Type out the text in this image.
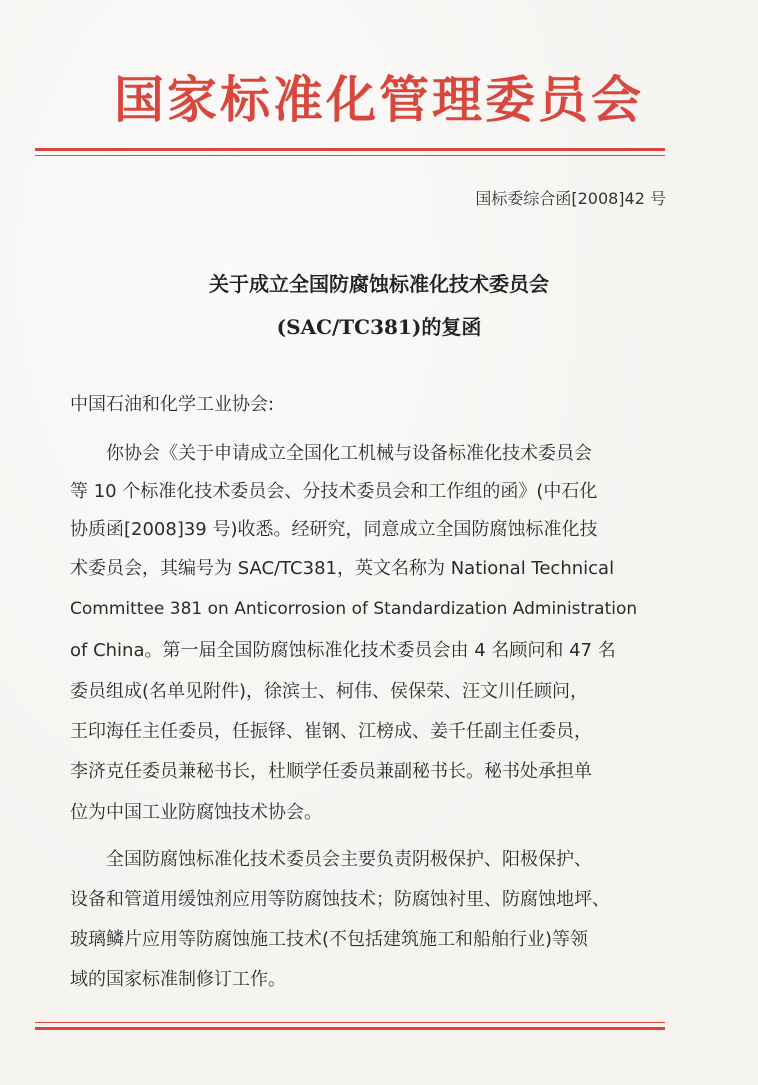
国家标准化管理委员会
国标委综合函[2008]42 号
关于成立全国防腐蚀标准化技术委员会
(SAC/TC381)的复函
中国石油和化学工业协会:
　　你协会《关于申请成立全国化工机械与设备标准化技术委员会
等 10 个标准化技术委员会、分技术委员会和工作组的函》(中石化
协质函[2008]39 号)收悉。经研究，同意成立全国防腐蚀标准化技
术委员会，其编号为 SAC/TC381，英文名称为 National Technical
Committee 381 on Anticorrosion of Standardization Administration
of China。第一届全国防腐蚀标准化技术委员会由 4 名顾问和 47 名
委员组成(名单见附件)，徐滨士、柯伟、侯保荣、汪文川任顾问，
王印海任主任委员，任振铎、崔钢、江榜成、姜千任副主任委员，
李济克任委员兼秘书长，杜顺学任委员兼副秘书长。秘书处承担单
位为中国工业防腐蚀技术协会。
　　全国防腐蚀标准化技术委员会主要负责阴极保护、阳极保护、
设备和管道用缓蚀剂应用等防腐蚀技术；防腐蚀衬里、防腐蚀地坪、
玻璃鳞片应用等防腐蚀施工技术(不包括建筑施工和船舶行业)等领
域的国家标准制修订工作。
